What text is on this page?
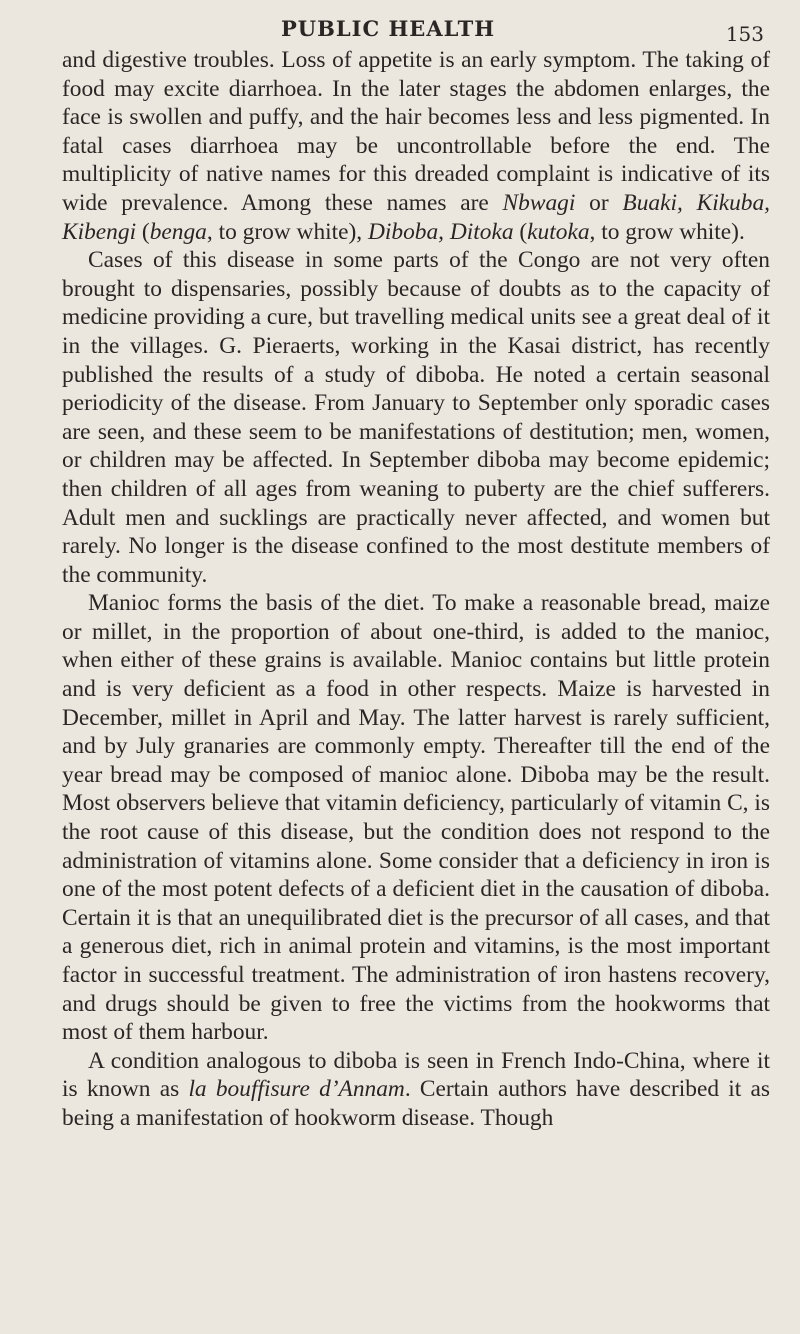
PUBLIC HEALTH	153

and digestive troubles. Loss of appetite is an early symptom. The taking of food may excite diarrhoea. In the later stages the abdomen enlarges, the face is swollen and puffy, and the hair becomes less and less pigmented. In fatal cases diarrhoea may be uncontrollable before the end. The multiplicity of native names for this dreaded complaint is indicative of its wide prevalence. Among these names are Nbwagi or Buaki, Kikuba, Kibengi (benga, to grow white), Diboba, Ditoka (kutoka, to grow white).

Cases of this disease in some parts of the Congo are not very often brought to dispensaries, possibly because of doubts as to the capacity of medicine providing a cure, but travelling medical units see a great deal of it in the villages. G. Pieraerts, working in the Kasai district, has recently published the results of a study of diboba. He noted a certain seasonal periodicity of the disease. From January to September only sporadic cases are seen, and these seem to be manifestations of destitution; men, women, or children may be affected. In September diboba may become epidemic; then children of all ages from weaning to puberty are the chief sufferers. Adult men and sucklings are practically never affected, and women but rarely. No longer is the disease confined to the most destitute members of the community.

Manioc forms the basis of the diet. To make a reasonable bread, maize or millet, in the proportion of about one-third, is added to the manioc, when either of these grains is available. Manioc contains but little protein and is very deficient as a food in other respects. Maize is harvested in December, millet in April and May. The latter harvest is rarely sufficient, and by July granaries are commonly empty. Thereafter till the end of the year bread may be composed of manioc alone. Diboba may be the result. Most observers believe that vitamin deficiency, particularly of vitamin C, is the root cause of this disease, but the condition does not respond to the administration of vitamins alone. Some consider that a deficiency in iron is one of the most potent defects of a deficient diet in the causation of diboba. Certain it is that an unequilibrated diet is the precursor of all cases, and that a generous diet, rich in animal protein and vitamins, is the most important factor in successful treatment. The administration of iron hastens recovery, and drugs should be given to free the victims from the hookworms that most of them harbour.

A condition analogous to diboba is seen in French Indo-China, where it is known as la bouffisure d’Annam. Certain authors have described it as being a manifestation of hookworm disease. Though
